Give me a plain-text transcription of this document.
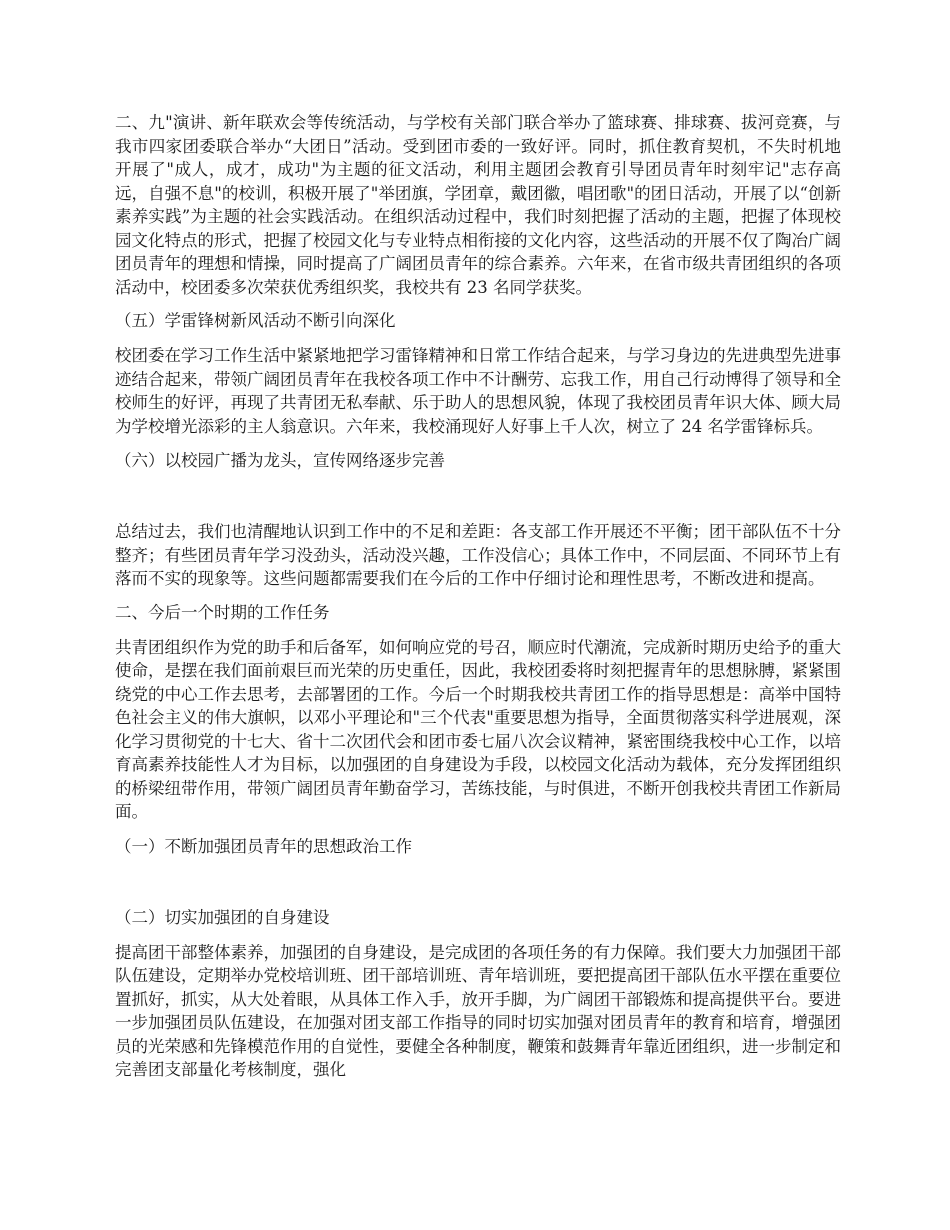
二、九"演讲、新年联欢会等传统活动，与学校有关部门联合举办了篮球赛、排球赛、拔河竞赛，与我市四家团委联合举办“大团日”活动。受到团市委的一致好评。同时，抓住教育契机，不失时机地开展了"成人，成才，成功"为主题的征文活动，利用主题团会教育引导团员青年时刻牢记"志存高远，自强不息"的校训，积极开展了"举团旗，学团章，戴团徽，唱团歌"的团日活动，开展了以“创新素养实践”为主题的社会实践活动。在组织活动过程中，我们时刻把握了活动的主题，把握了体现校园文化特点的形式，把握了校园文化与专业特点相衔接的文化内容，这些活动的开展不仅了陶冶广阔团员青年的理想和情操，同时提高了广阔团员青年的综合素养。六年来，在省市级共青团组织的各项活动中，校团委多次荣获优秀组织奖，我校共有 23 名同学获奖。

（五）学雷锋树新风活动不断引向深化

校团委在学习工作生活中紧紧地把学习雷锋精神和日常工作结合起来，与学习身边的先进典型先进事迹结合起来，带领广阔团员青年在我校各项工作中不计酬劳、忘我工作，用自己行动博得了领导和全校师生的好评，再现了共青团无私奉献、乐于助人的思想风貌，体现了我校团员青年识大体、顾大局为学校增光添彩的主人翁意识。六年来，我校涌现好人好事上千人次，树立了 24 名学雷锋标兵。

（六）以校园广播为龙头，宣传网络逐步完善

总结过去，我们也清醒地认识到工作中的不足和差距：各支部工作开展还不平衡；团干部队伍不十分整齐；有些团员青年学习没劲头，活动没兴趣，工作没信心；具体工作中，不同层面、不同环节上有落而不实的现象等。这些问题都需要我们在今后的工作中仔细讨论和理性思考，不断改进和提高。

二、今后一个时期的工作任务

共青团组织作为党的助手和后备军，如何响应党的号召，顺应时代潮流，完成新时期历史给予的重大使命，是摆在我们面前艰巨而光荣的历史重任，因此，我校团委将时刻把握青年的思想脉膊，紧紧围绕党的中心工作去思考，去部署团的工作。今后一个时期我校共青团工作的指导思想是：高举中国特色社会主义的伟大旗帜，以邓小平理论和"三个代表"重要思想为指导，全面贯彻落实科学进展观，深化学习贯彻党的十七大、省十二次团代会和团市委七届八次会议精神，紧密围绕我校中心工作，以培育高素养技能性人才为目标，以加强团的自身建设为手段，以校园文化活动为载体，充分发挥团组织的桥梁纽带作用，带领广阔团员青年勤奋学习，苦练技能，与时俱进，不断开创我校共青团工作新局面。

（一）不断加强团员青年的思想政治工作

（二）切实加强团的自身建设

提高团干部整体素养，加强团的自身建设，是完成团的各项任务的有力保障。我们要大力加强团干部队伍建设，定期举办党校培训班、团干部培训班、青年培训班，要把提高团干部队伍水平摆在重要位置抓好，抓实，从大处着眼，从具体工作入手，放开手脚，为广阔团干部锻炼和提高提供平台。要进一步加强团员队伍建设，在加强对团支部工作指导的同时切实加强对团员青年的教育和培育，增强团员的光荣感和先锋模范作用的自觉性，要健全各种制度，鞭策和鼓舞青年靠近团组织，进一步制定和完善团支部量化考核制度，强化
